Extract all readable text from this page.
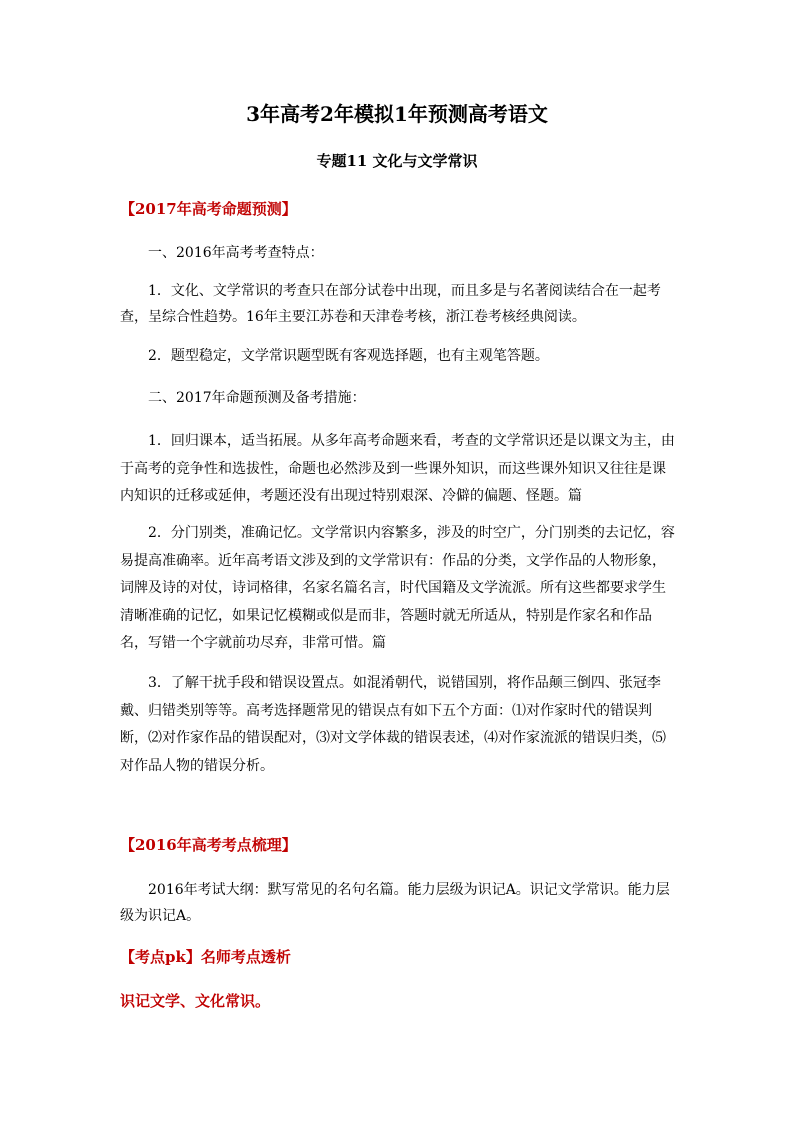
3年高考2年模拟1年预测高考语文
专题11 文化与文学常识
【2017年高考命题预测】

一、2016年高考考查特点：

1．文化、文学常识的考查只在部分试卷中出现，而且多是与名著阅读结合在一起考查，呈综合性趋势。16年主要江苏卷和天津卷考核，浙江卷考核经典阅读。

2．题型稳定，文学常识题型既有客观选择题，也有主观笔答题。

二、2017年命题预测及备考措施：

1．回归课本，适当拓展。从多年高考命题来看，考查的文学常识还是以课文为主，由于高考的竞争性和选拔性，命题也必然涉及到一些课外知识，而这些课外知识又往往是课内知识的迁移或延伸，考题还没有出现过特别艰深、冷僻的偏题、怪题。篇

2．分门别类，准确记忆。文学常识内容繁多，涉及的时空广，分门别类的去记忆，容易提高准确率。近年高考语文涉及到的文学常识有：作品的分类，文学作品的人物形象，词牌及诗的对仗，诗词格律，名家名篇名言，时代国籍及文学流派。所有这些都要求学生清晰准确的记忆，如果记忆模糊或似是而非，答题时就无所适从，特别是作家名和作品名，写错一个字就前功尽弃，非常可惜。篇

3．了解干扰手段和错误设置点。如混淆朝代，说错国别，将作品颠三倒四、张冠李戴、归错类别等等。高考选择题常见的错误点有如下五个方面：⑴对作家时代的错误判断，⑵对作家作品的错误配对，⑶对文学体裁的错误表述，⑷对作家流派的错误归类，⑸对作品人物的错误分析。

【2016年高考考点梳理】

2016年考试大纲：默写常见的名句名篇。能力层级为识记A。识记文学常识。能力层级为识记A。

【考点pk】名师考点透析
识记文学、文化常识。
